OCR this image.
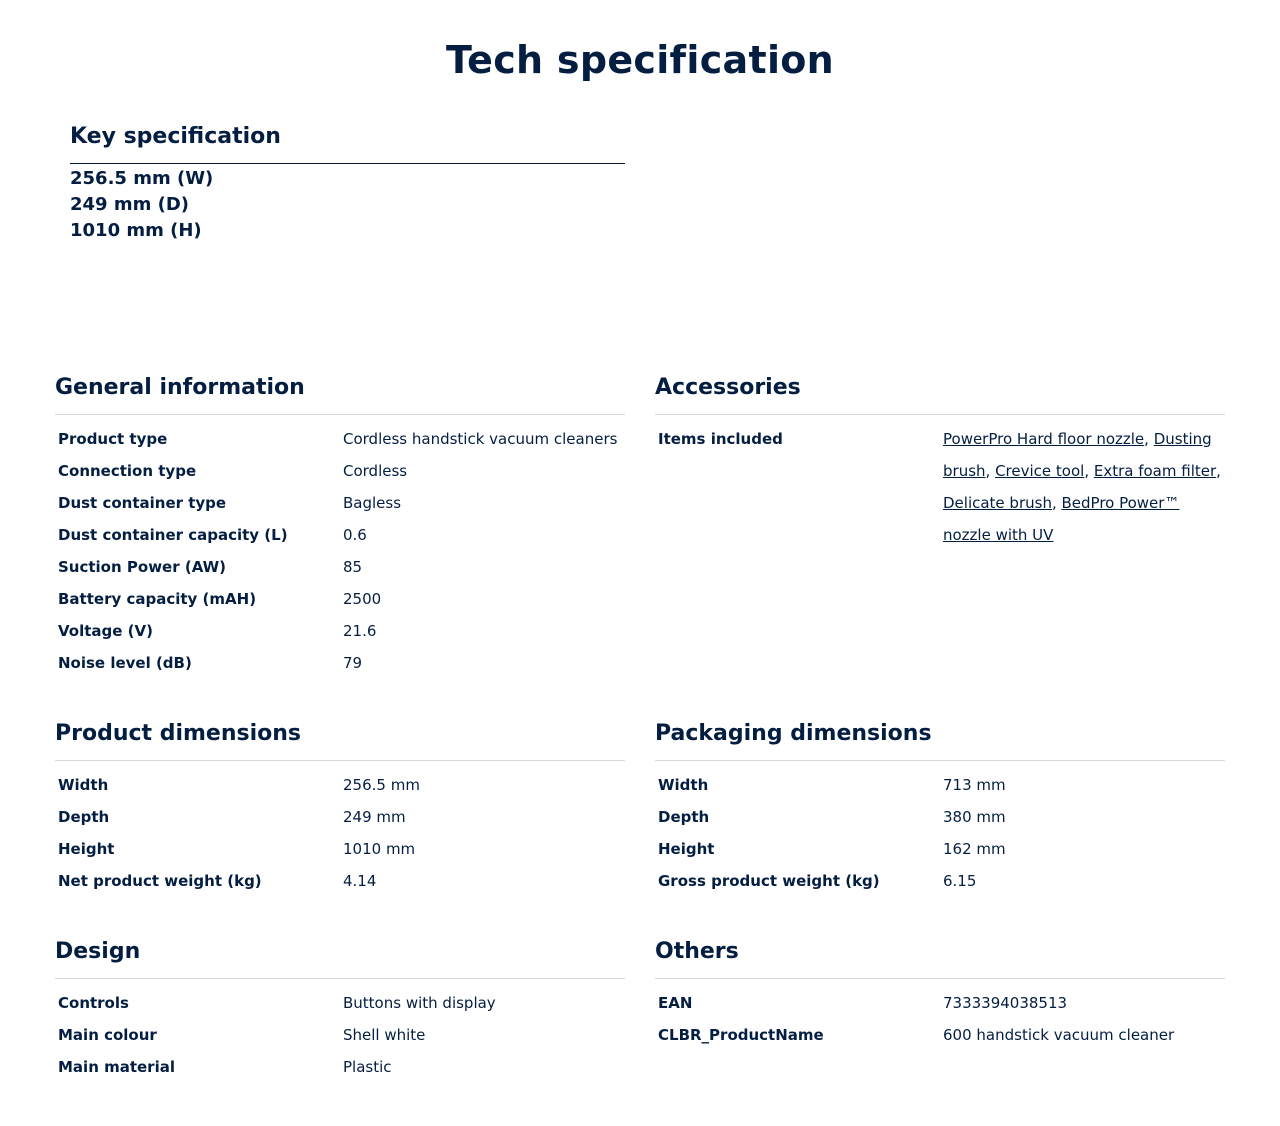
Tech specification
Key specification
256.5 mm (W)
249 mm (D)
1010 mm (H)
General information
Product type	Cordless handstick vacuum cleaners
Connection type	Cordless
Dust container type	Bagless
Dust container capacity (L)	0.6
Suction Power (AW)	85
Battery capacity (mAH)	2500
Voltage (V)	21.6
Noise level (dB)	79
Accessories
Items included	PowerPro Hard floor nozzle, Dusting brush, Crevice tool, Extra foam filter, Delicate brush, BedPro Power™ nozzle with UV
Product dimensions
Width	256.5 mm
Depth	249 mm
Height	1010 mm
Net product weight (kg)	4.14
Packaging dimensions
Width	713 mm
Depth	380 mm
Height	162 mm
Gross product weight (kg)	6.15
Design
Controls	Buttons with display
Main colour	Shell white
Main material	Plastic
Others
EAN	7333394038513
CLBR_ProductName	600 handstick vacuum cleaner
